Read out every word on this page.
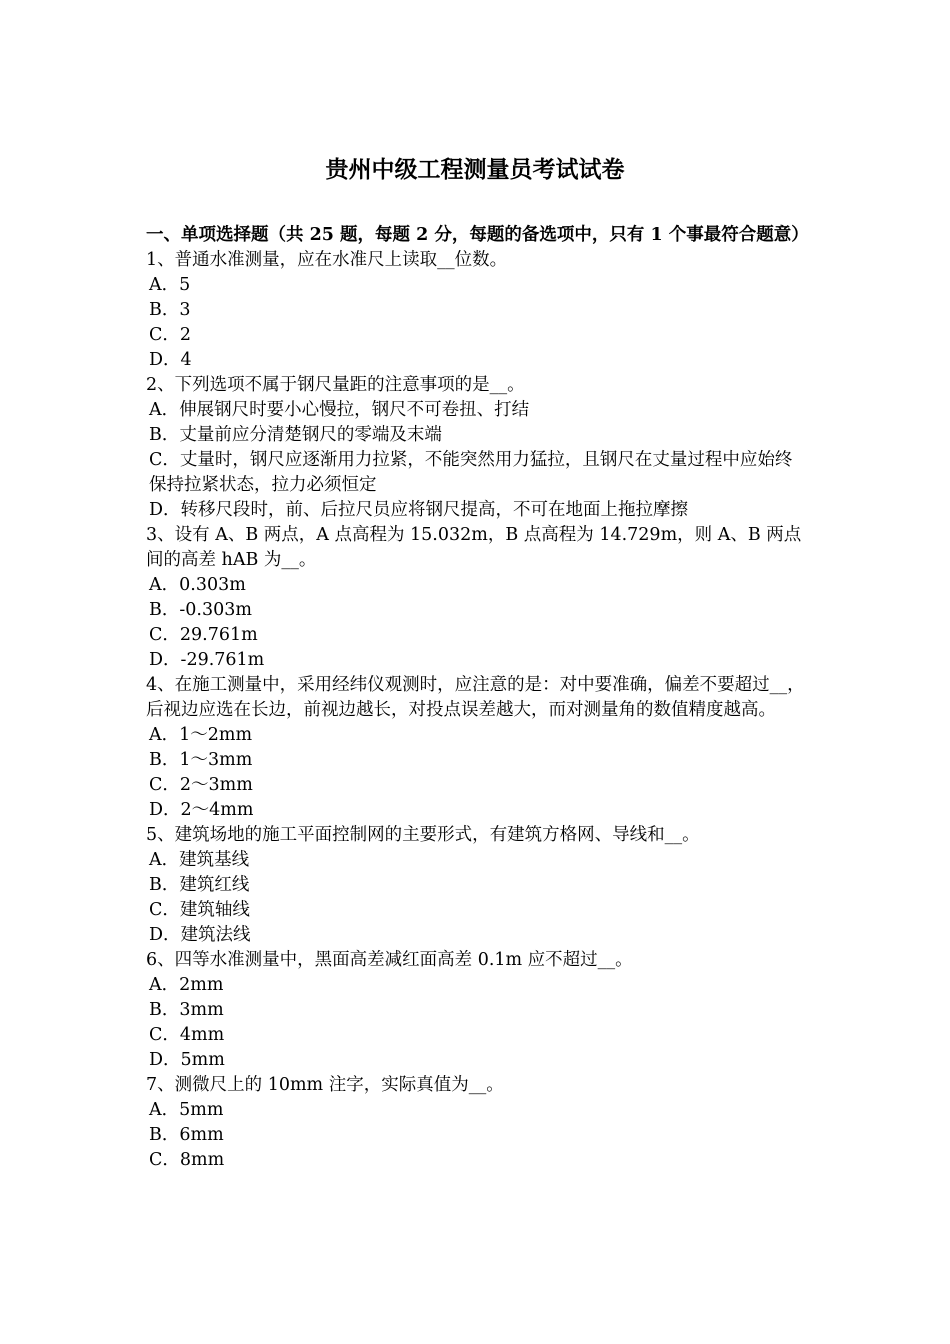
贵州中级工程测量员考试试卷

一、单项选择题（共 25 题，每题 2 分，每题的备选项中，只有 1 个事最符合题意）

1、普通水准测量，应在水准尺上读取__位数。

A．5

B．3

C．2

D．4

2、下列选项不属于钢尺量距的注意事项的是__。

A．伸展钢尺时要小心慢拉，钢尺不可卷扭、打结

B．丈量前应分清楚钢尺的零端及末端

C．丈量时，钢尺应逐渐用力拉紧，不能突然用力猛拉，且钢尺在丈量过程中应始终保持拉紧状态，拉力必须恒定

D．转移尺段时，前、后拉尺员应将钢尺提高，不可在地面上拖拉摩擦

3、设有 A、B 两点，A 点高程为 15.032m，B 点高程为 14.729m，则 A、B 两点间的高差 hAB 为__。

A．0.303m

B．-0.303m

C．29.761m

D．-29.761m

4、在施工测量中，采用经纬仪观测时，应注意的是：对中要准确，偏差不要超过__，后视边应选在长边，前视边越长，对投点误差越大，而对测量角的数值精度越高。

A．1～2mm

B．1～3mm

C．2～3mm

D．2～4mm

5、建筑场地的施工平面控制网的主要形式，有建筑方格网、导线和__。

A．建筑基线

B．建筑红线

C．建筑轴线

D．建筑法线

6、四等水准测量中，黑面高差减红面高差 0.1m 应不超过__。

A．2mm

B．3mm

C．4mm

D．5mm

7、测微尺上的 10mm 注字，实际真值为__。

A．5mm

B．6mm

C．8mm
